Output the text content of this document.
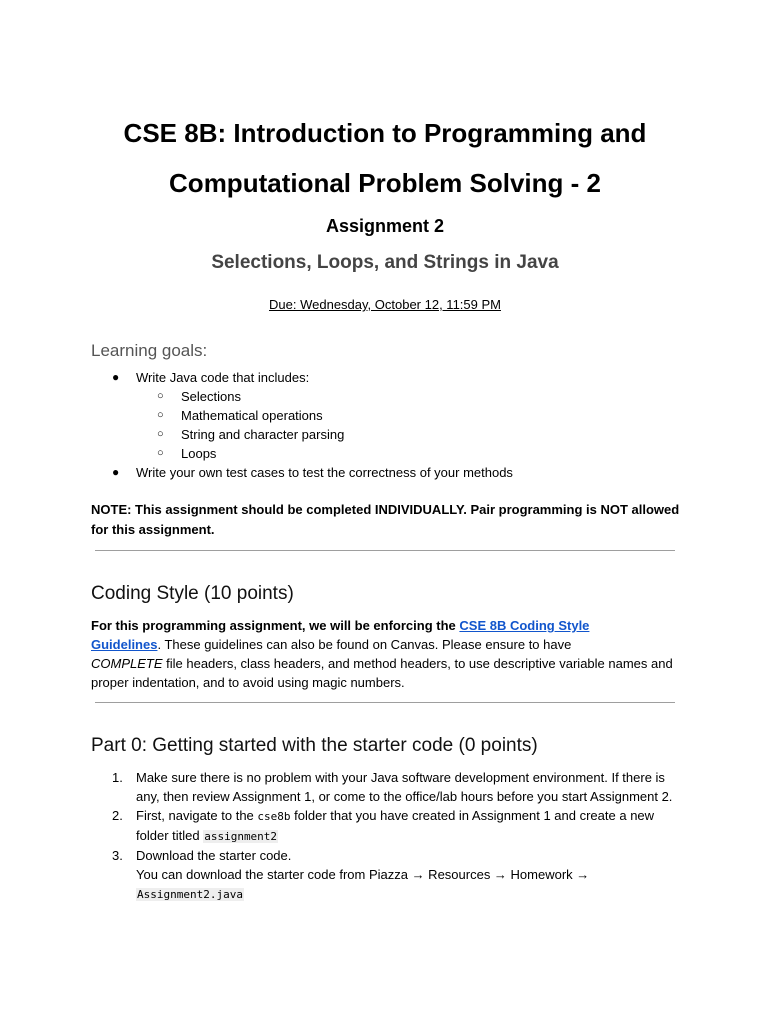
CSE 8B: Introduction to Programming and
Computational Problem Solving - 2
Assignment 2
Selections, Loops, and Strings in Java
Due: Wednesday, October 12, 11:59 PM
Learning goals:
● Write Java code that includes:
○ Selections
○ Mathematical operations
○ String and character parsing
○ Loops
● Write your own test cases to test the correctness of your methods
NOTE: This assignment should be completed INDIVIDUALLY. Pair programming is NOT allowed for this assignment.
Coding Style (10 points)
For this programming assignment, we will be enforcing the CSE 8B Coding Style
Guidelines. These guidelines can also be found on Canvas. Please ensure to have
COMPLETE file headers, class headers, and method headers, to use descriptive variable names and proper indentation, and to avoid using magic numbers.
Part 0: Getting started with the starter code (0 points)
1. Make sure there is no problem with your Java software development environment. If there is any, then review Assignment 1, or come to the office/lab hours before you start Assignment 2.
2. First, navigate to the cse8b folder that you have created in Assignment 1 and create a new folder titled assignment2
3. Download the starter code.
You can download the starter code from Piazza → Resources → Homework →
Assignment2.java
